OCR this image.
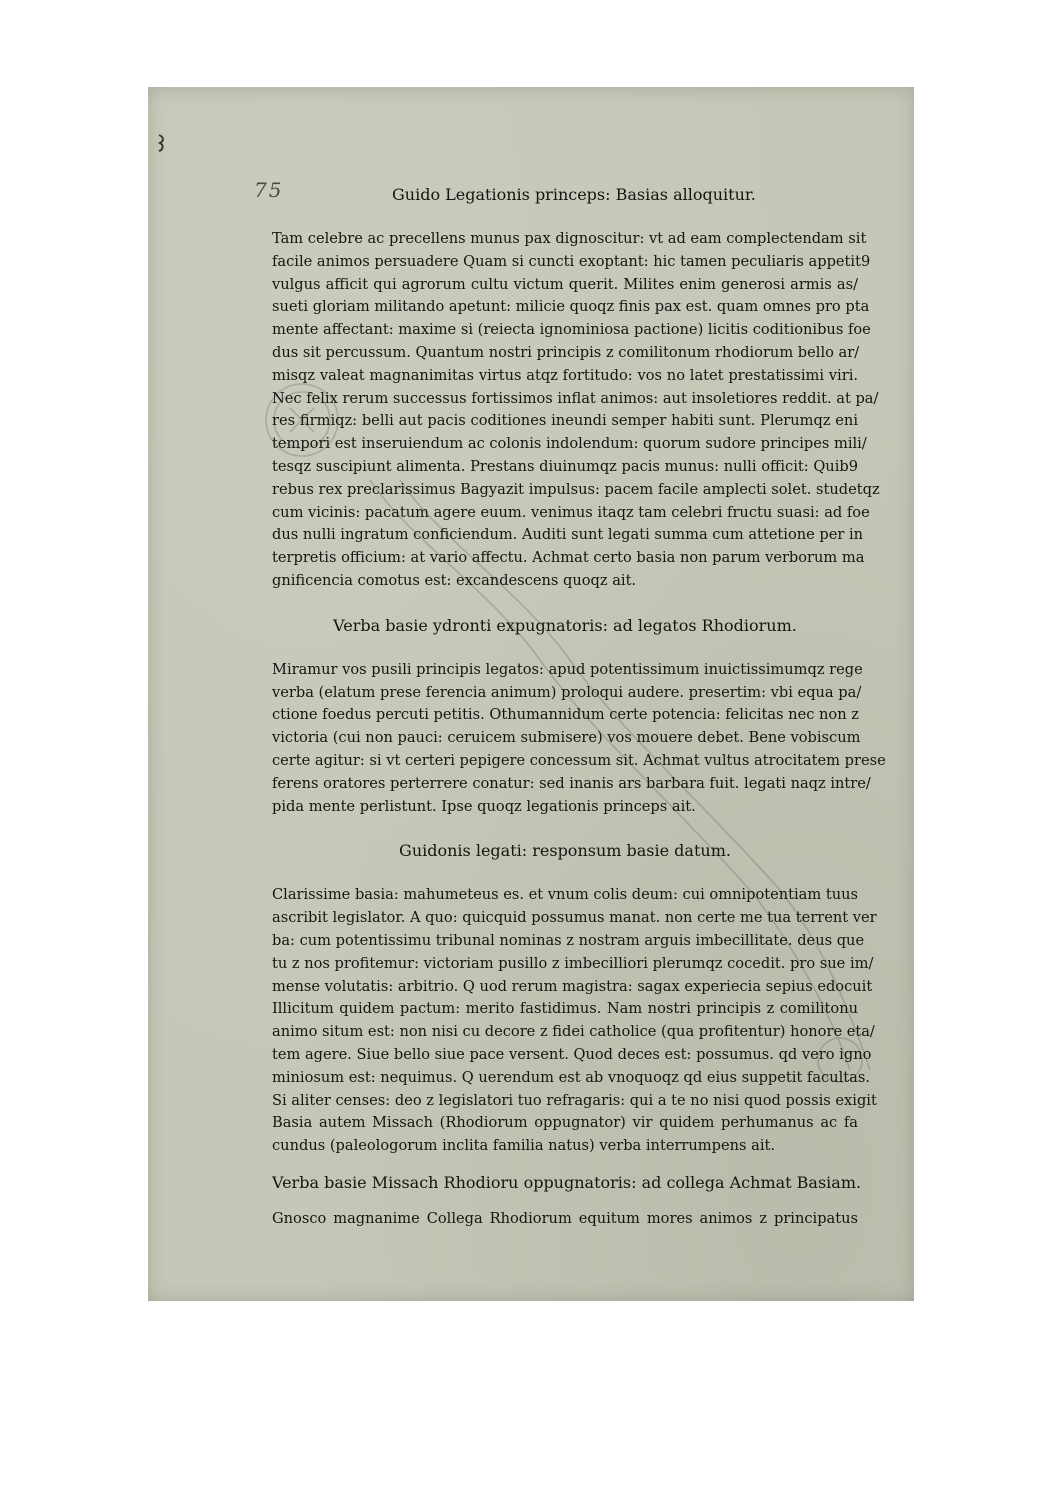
75	Guido Legationis princeps: Basias alloquitur.

Tam celebre ac precellens munus pax dignoscitur: vt ad eam complectendam sit
facile animos persuadere Quam si cuncti exoptant: hic tamen peculiaris appetit9
vulgus afficit qui agrorum cultu victum querit. Milites enim generosi armis as/
sueti gloriam militando apetunt: milicie quoqz finis pax est. quam omnes pro pta
mente affectant: maxime si (reiecta ignominiosa pactione) licitis coditionibus foe
dus sit percussum. Quantum nostri principis z comilitonum rhodiorum bello ar/
misqz valeat magnanimitas virtus atqz fortitudo: vos no latet prestatissimi viri.
Nec felix rerum successus fortissimos inflat animos: aut insoletiores reddit. at pa/
res firmiqz: belli aut pacis coditiones ineundi semper habiti sunt. Plerumqz eni
tempori est inseruiendum ac colonis indolendum: quorum sudore principes mili/
tesqz suscipiunt alimenta. Prestans diuinumqz pacis munus: nulli officit: Quib9
rebus rex preclarissimus Bagyazit impulsus: pacem facile amplecti solet. studetqz
cum vicinis: pacatum agere euum. venimus itaqz tam celebri fructu suasi: ad foe
dus nulli ingratum conficiendum. Auditi sunt legati summa cum attetione per in
terpretis officium: at vario affectu. Achmat certo basia non parum verborum ma
gnificencia comotus est: excandescens quoqz ait.

Verba basie ydronti expugnatoris: ad legatos Rhodiorum.

Miramur vos pusili principis legatos: apud potentissimum inuictissimumqz rege
verba (elatum prese ferencia animum) proloqui audere. presertim: vbi equa pa/
ctione foedus percuti petitis. Othumannidum certe potencia: felicitas nec non z
victoria (cui non pauci: ceruicem submisere) vos mouere debet. Bene vobiscum
certe agitur: si vt certeri pepigere concessum sit. Achmat vultus atrocitatem prese
ferens oratores perterrere conatur: sed inanis ars barbara fuit. legati naqz intre/
pida mente perlistunt. Ipse quoqz legationis princeps ait.

Guidonis legati: responsum basie datum.

Clarissime basia: mahumeteus es. et vnum colis deum: cui omnipotentiam tuus
ascribit legislator. A quo: quicquid possumus manat. non certe me tua terrent ver
ba: cum potentissimu tribunal nominas z nostram arguis imbecillitate. deus que
tu z nos profitemur: victoriam pusillo z imbecilliori plerumqz cocedit. pro sue im/
mense volutatis: arbitrio. Q uod rerum magistra: sagax experiecia sepius edocuit
Illicitum quidem pactum: merito fastidimus. Nam nostri principis z comilitonu
animo situm est: non nisi cu decore z fidei catholice (qua profitentur) honore eta/
tem agere. Siue bello siue pace versent. Quod deces est: possumus. qd vero igno
miniosum est: nequimus. Q uerendum est ab vnoquoqz qd eius suppetit facultas.
Si aliter censes: deo z legislatori tuo refragaris: qui a te no nisi quod possis exigit
Basia autem Missach (Rhodiorum oppugnator) vir quidem perhumanus ac fa
cundus (paleologorum inclita familia natus) verba interrumpens ait.

Verba basie Missach Rhodioru oppugnatoris: ad collega Achmat Basiam.

Gnosco magnanime Collega Rhodiorum equitum mores animos z principatus
